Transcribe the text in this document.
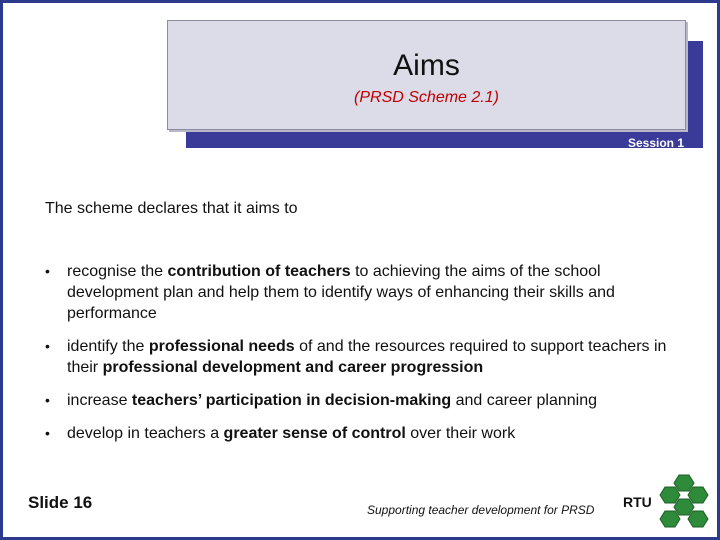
Aims
(PRSD Scheme 2.1)
Session 1
The scheme declares that it aims to
• recognise the contribution of teachers to achieving the aims of the school development plan and help them to identify ways of enhancing their skills and performance
• identify the professional needs of and the resources required to support teachers in their professional development and career progression
• increase teachers’ participation in decision-making and career planning
• develop in teachers a greater sense of control over their work
Slide 16	Supporting teacher development for PRSD RTU
